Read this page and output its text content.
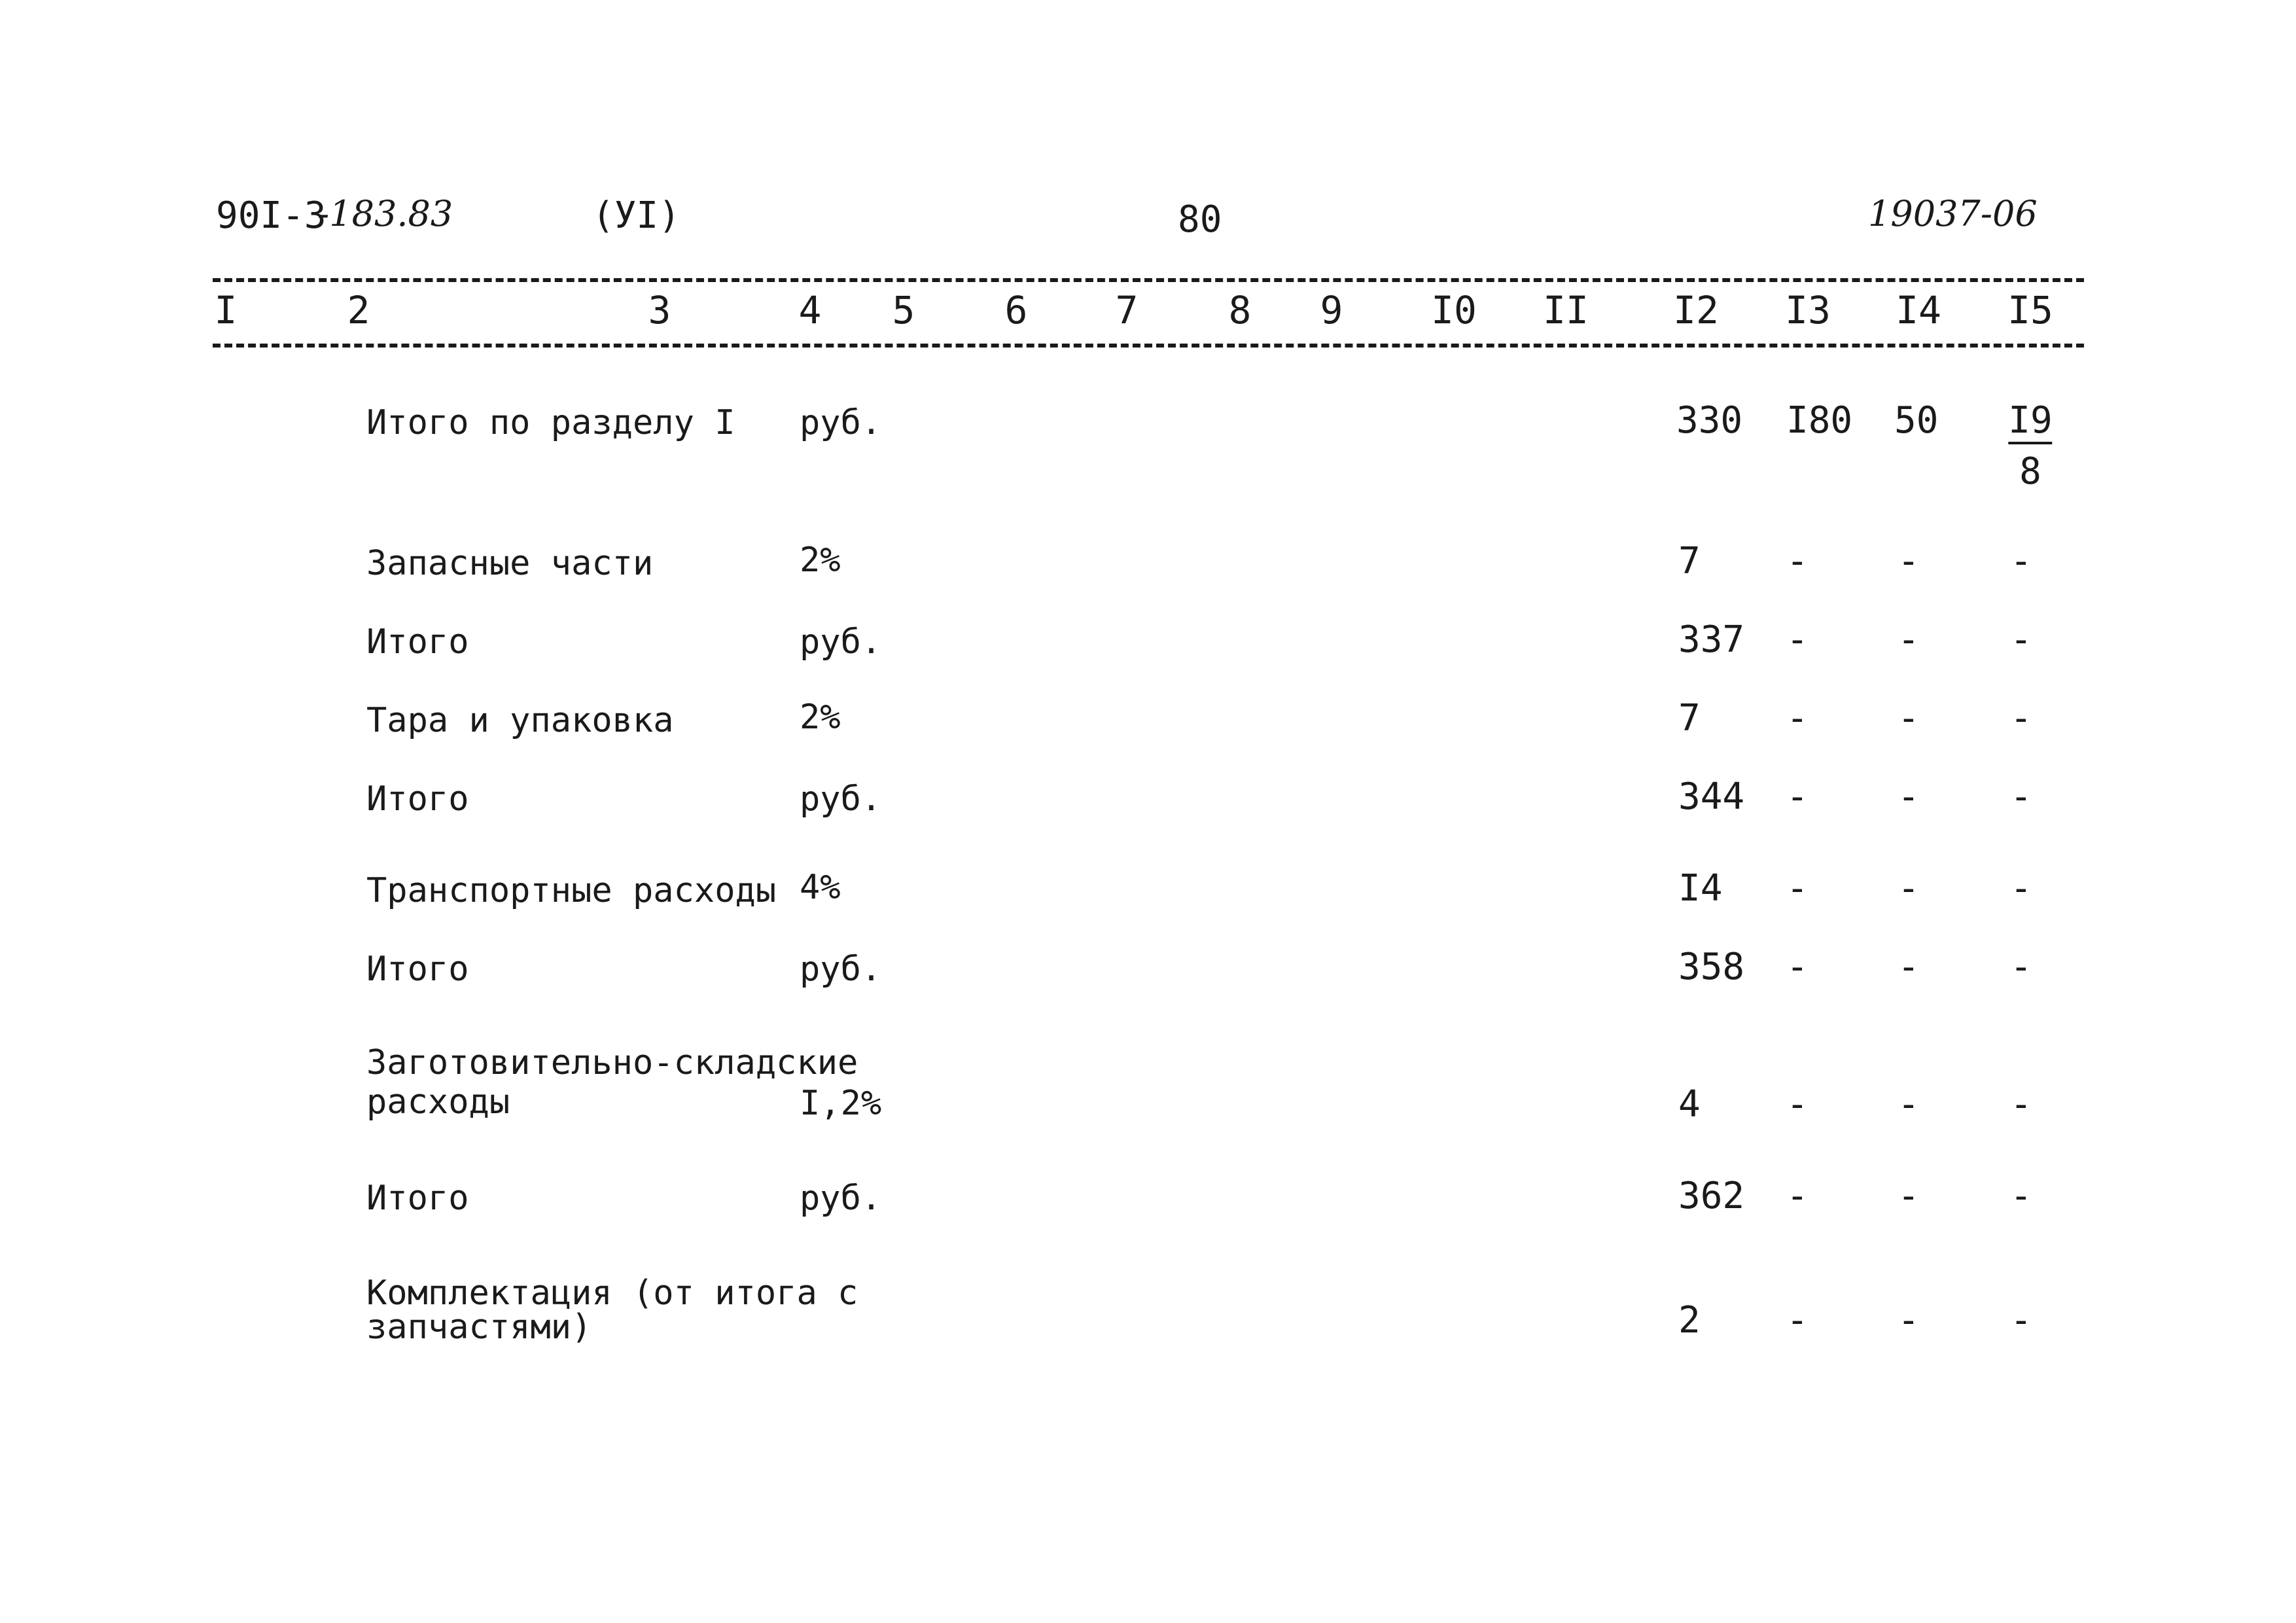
90I-3
-183.83	(УI)	80	19037-06
I	2	3	4 5 6 7 8 9 I0 II I2 I3 I4 I5
Итого по разделу I руб.	330 I80 $50 \frac{I9}{8}$
Запасные части	2%	7 - - -
Итого	руб.	337 - - -
Тара и упаковка	2%	7 - - -
Итого	руб.	344 - - -
Транспортные расходы 4%	I4 - - -
Итого	руб.	358 - - -
Заготовительно-складские
расходы	I,2%	4 - - -
Итого	руб.	362 - - -
Комплектация (от итога с
запчастями)	2 - - -
